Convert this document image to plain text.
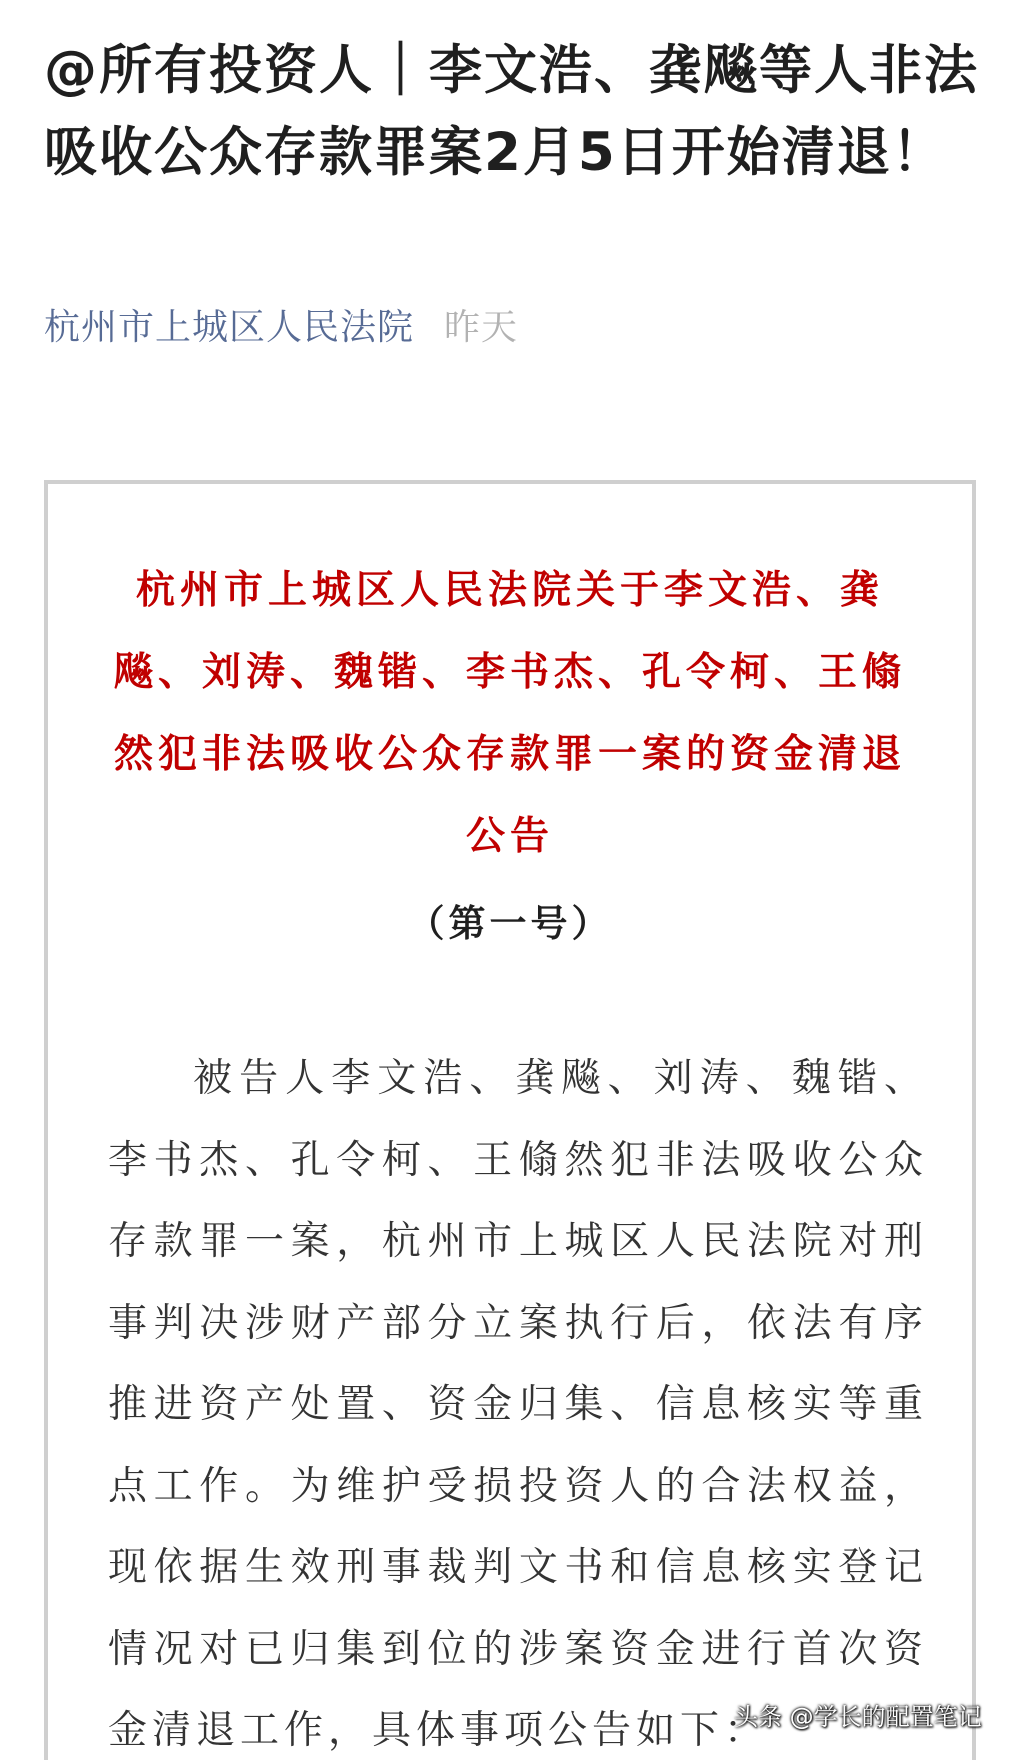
@所有投资人｜李文浩、龚飚等人非法吸收公众存款罪案2月5日开始清退！
杭州市上城区人民法院 昨天
杭州市上城区人民法院关于李文浩、龚飚、刘涛、魏锴、李书杰、孔令柯、王翛然犯非法吸收公众存款罪一案的资金清退公告
（第一号）

被告人李文浩、龚飚、刘涛、魏锴、李书杰、孔令柯、王翛然犯非法吸收公众存款罪一案，杭州市上城区人民法院对刑事判决涉财产部分立案执行后，依法有序推进资产处置、资金归集、信息核实等重点工作。为维护受损投资人的合法权益，现依据生效刑事裁判文书和信息核实登记情况对已归集到位的涉案资金进行首次资金清退工作，具体事项公告如下：

头条 @学长的配置笔记
